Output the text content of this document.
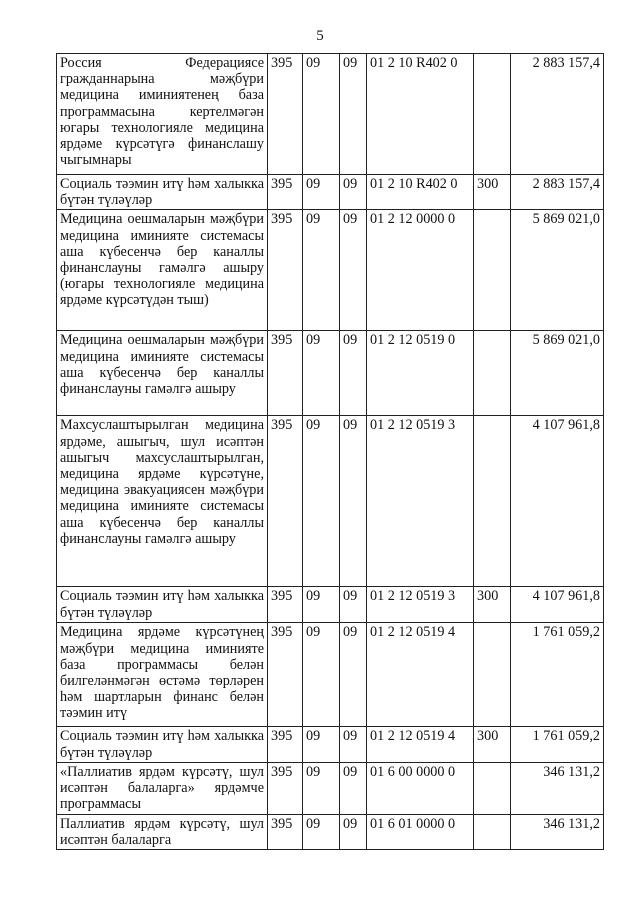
5
Россия Федерациясе гражданнарына мәҗбүри медицина иминиятенең база программасына кертелмәгән югары технологияле медицина ярдәме күрсәтүгә финанслашу чыгымнары	395	09	09	01 2 10 R402 0		2 883 157,4
Социаль тәэмин итү һәм халыкка бүтән түләүләр	395	09	09	01 2 10 R402 0	300	2 883 157,4
Медицина оешмаларын мәҗбүри медицина иминияте системасы аша күбесенчә бер каналлы финанслауны гамәлгә ашыру (югары технологияле медицина ярдәме күрсәтүдән тыш)	395	09	09	01 2 12 0000 0		5 869 021,0
Медицина оешмаларын мәҗбүри медицина иминияте системасы аша күбесенчә бер каналлы финанслауны гамәлгә ашыру	395	09	09	01 2 12 0519 0		5 869 021,0
Махсуслаштырылган медицина ярдәме, ашыгыч, шул исәптән ашыгыч махсуслаштырылган, медицина ярдәме күрсәтүне, медицина эвакуациясен мәҗбүри медицина иминияте системасы аша күбесенчә бер каналлы финанслауны гамәлгә ашыру	395	09	09	01 2 12 0519 3		4 107 961,8
Социаль тәэмин итү һәм халыкка бүтән түләүләр	395	09	09	01 2 12 0519 3	300	4 107 961,8
Медицина ярдәме күрсәтүнең мәҗбүри медицина иминияте база программасы белән билгеләнмәгән өстәмә төрләрен һәм шартларын финанс белән тәэмин итү	395	09	09	01 2 12 0519 4		1 761 059,2
Социаль тәэмин итү һәм халыкка бүтән түләүләр	395	09	09	01 2 12 0519 4	300	1 761 059,2
«Паллиатив ярдәм күрсәтү, шул исәптән балаларга» ярдәмче программасы	395	09	09	01 6 00 0000 0		346 131,2
Паллиатив ярдәм күрсәтү, шул исәптән балаларга	395	09	09	01 6 01 0000 0		346 131,2
